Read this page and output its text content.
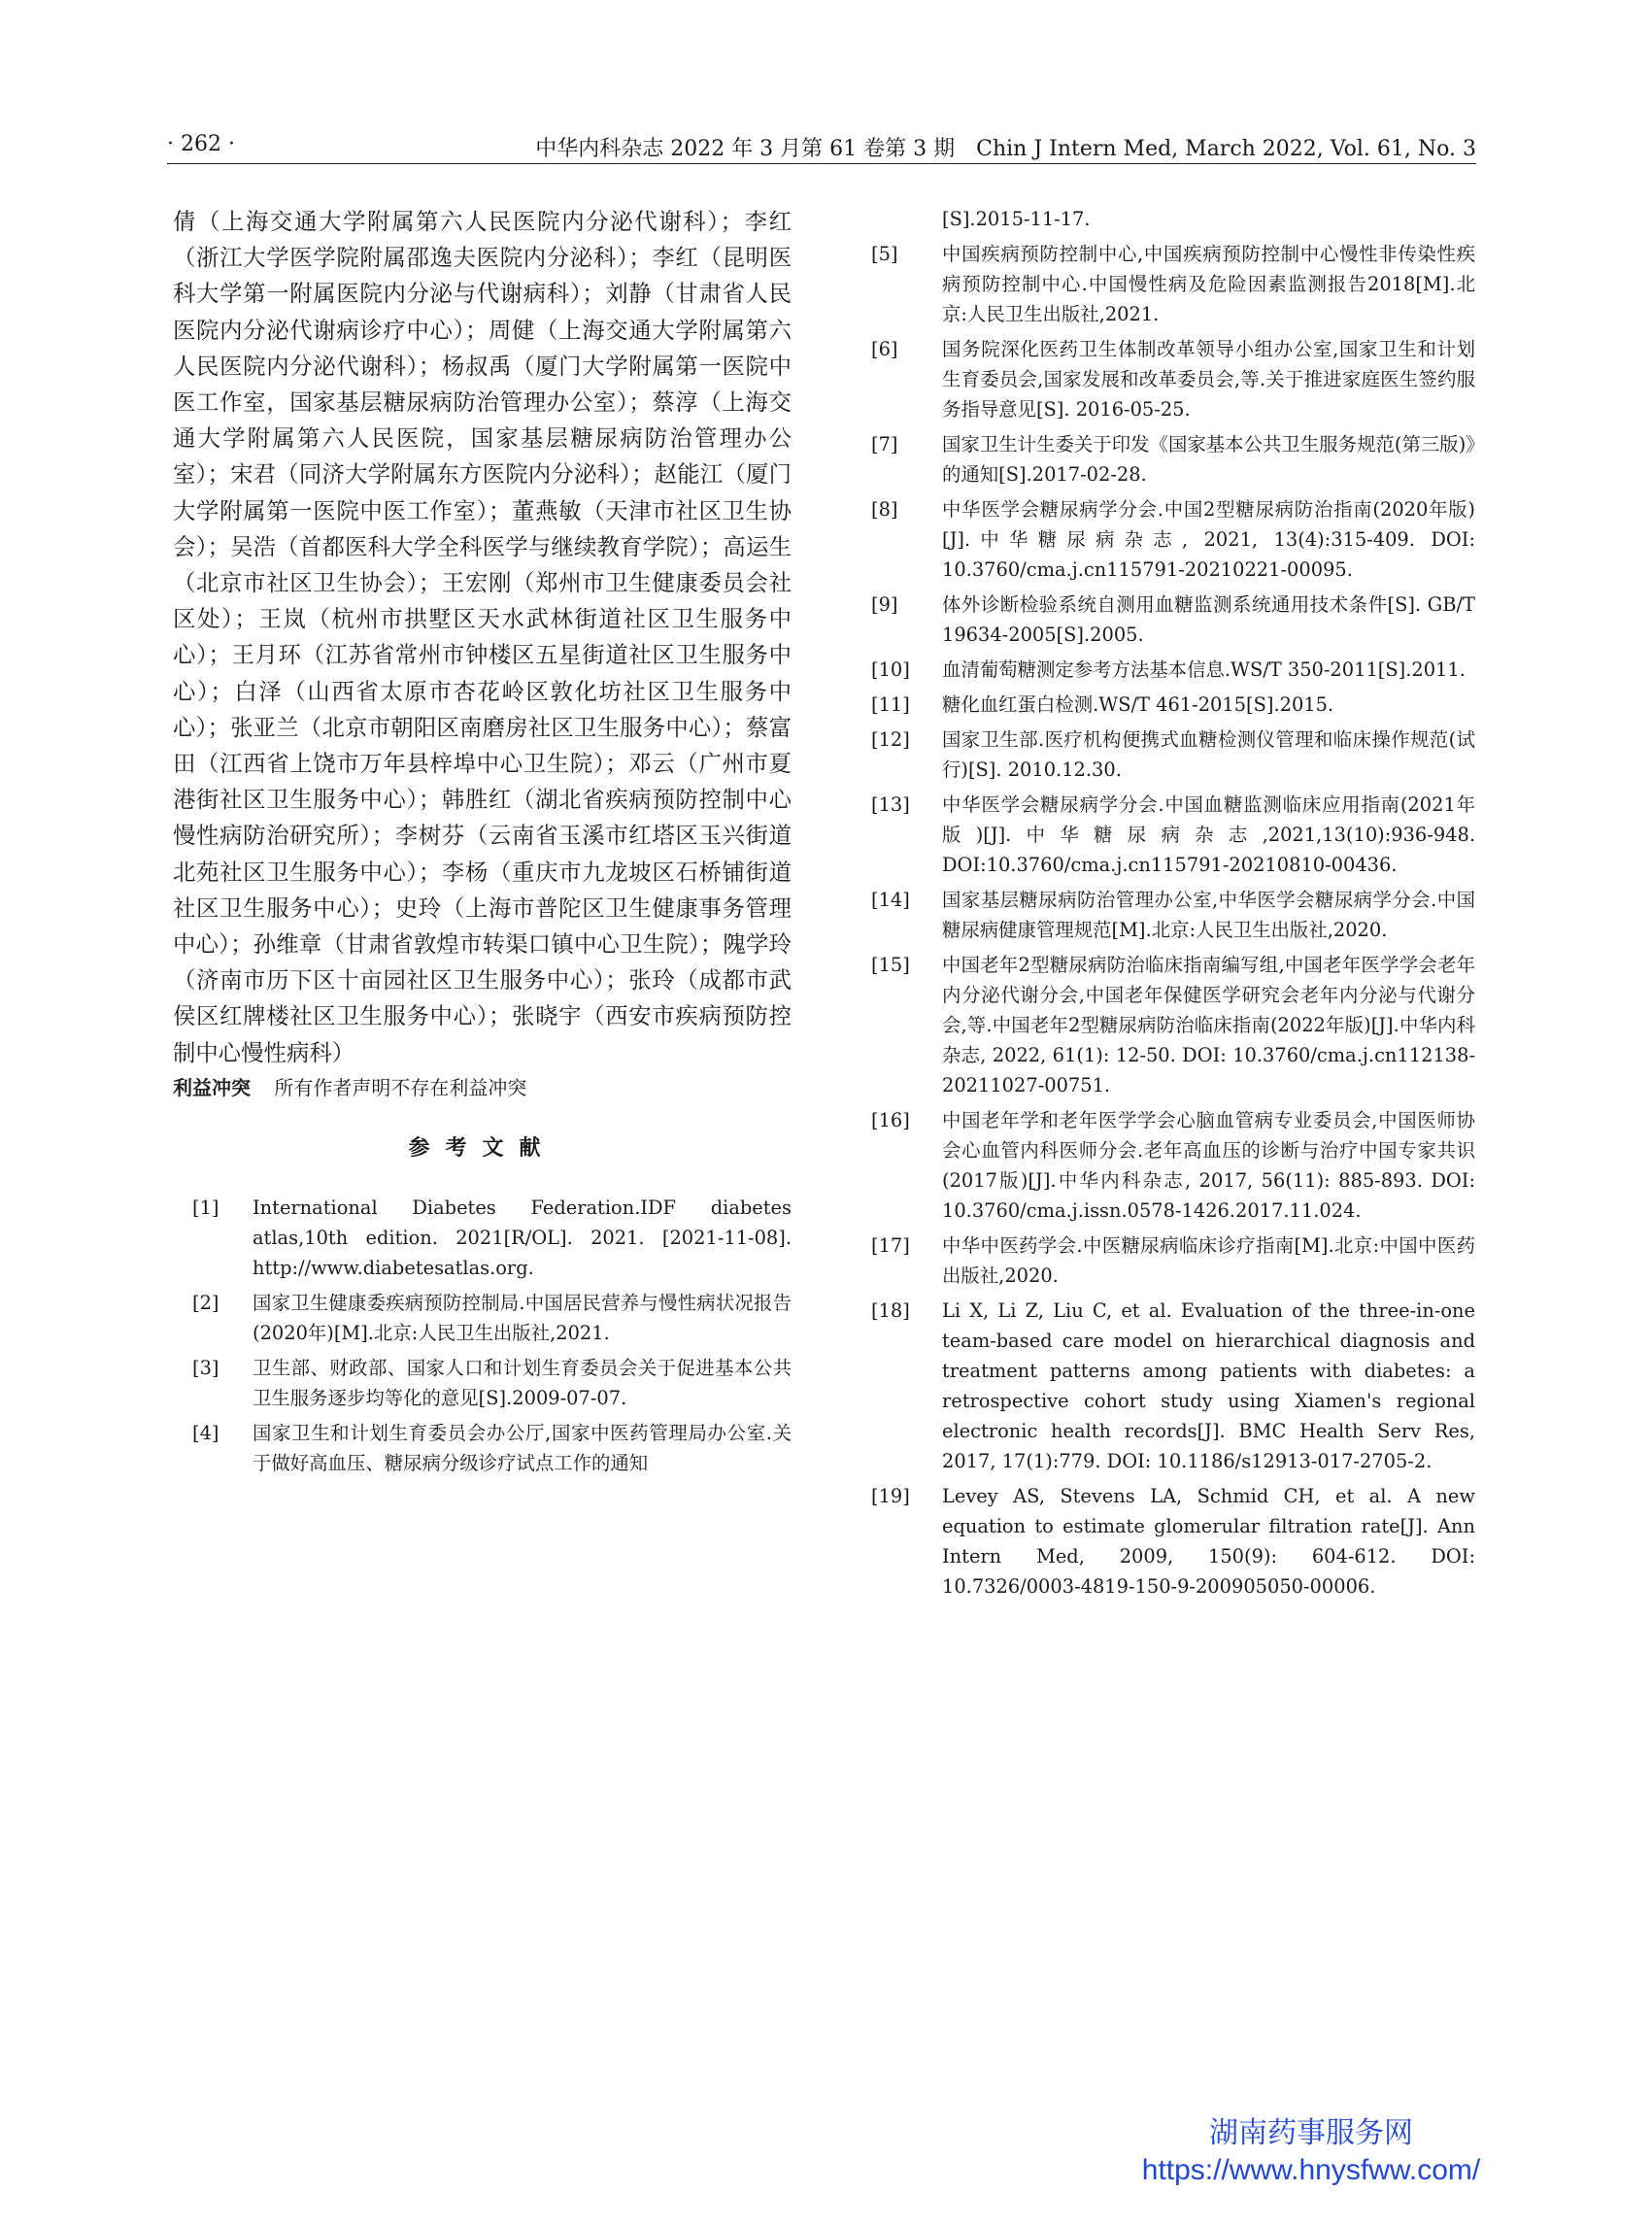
· 262 ·	中华内科杂志 2022 年 3 月第 61 卷第 3 期　Chin J Intern Med, March 2022, Vol. 61, No. 3

倩（上海交通大学附属第六人民医院内分泌代谢科）；李红（浙江大学医学院附属邵逸夫医院内分泌科）；李红（昆明医科大学第一附属医院内分泌与代谢病科）；刘静（甘肃省人民医院内分泌代谢病诊疗中心）；周健（上海交通大学附属第六人民医院内分泌代谢科）；杨叔禹（厦门大学附属第一医院中医工作室，国家基层糖尿病防治管理办公室）；蔡淳（上海交通大学附属第六人民医院，国家基层糖尿病防治管理办公室）；宋君（同济大学附属东方医院内分泌科）；赵能江（厦门大学附属第一医院中医工作室）；董燕敏（天津市社区卫生协会）；吴浩（首都医科大学全科医学与继续教育学院）；高运生（北京市社区卫生协会）；王宏刚（郑州市卫生健康委员会社区处）；王岚（杭州市拱墅区天水武林街道社区卫生服务中心）；王月环（江苏省常州市钟楼区五星街道社区卫生服务中心）；白泽（山西省太原市杏花岭区敦化坊社区卫生服务中心）；张亚兰（北京市朝阳区南磨房社区卫生服务中心）；蔡富田（江西省上饶市万年县梓埠中心卫生院）；邓云（广州市夏港街社区卫生服务中心）；韩胜红（湖北省疾病预防控制中心慢性病防治研究所）；李树芬（云南省玉溪市红塔区玉兴街道北苑社区卫生服务中心）；李杨（重庆市九龙坡区石桥铺街道社区卫生服务中心）；史玲（上海市普陀区卫生健康事务管理中心）；孙维章（甘肃省敦煌市转渠口镇中心卫生院）；隗学玲（济南市历下区十亩园社区卫生服务中心）；张玲（成都市武侯区红牌楼社区卫生服务中心）；张晓宇（西安市疾病预防控制中心慢性病科）

利益冲突 所有作者声明不存在利益冲突
参考文献
[1] International Diabetes Federation.IDF diabetes atlas,10th edition. 2021[R/OL]. 2021. [2021-11-08]. http://www.diabetesatlas.org.
[2] 国家卫生健康委疾病预防控制局.中国居民营养与慢性病状况报告(2020年)[M].北京:人民卫生出版社,2021.
[3] 卫生部、财政部、国家人口和计划生育委员会关于促进基本公共卫生服务逐步均等化的意见[S].2009-07-07.
[4] 国家卫生和计划生育委员会办公厅,国家中医药管理局办公室.关于做好高血压、糖尿病分级诊疗试点工作的通知
[S].2015-11-17.
[5] 中国疾病预防控制中心,中国疾病预防控制中心慢性非传染性疾病预防控制中心.中国慢性病及危险因素监测报告2018[M].北京:人民卫生出版社,2021.
[6] 国务院深化医药卫生体制改革领导小组办公室,国家卫生和计划生育委员会,国家发展和改革委员会,等.关于推进家庭医生签约服务指导意见[S]. 2016-05-25.
[7] 国家卫生计生委关于印发《国家基本公共卫生服务规范(第三版)》的通知[S].2017-02-28.
[8] 中华医学会糖尿病学分会.中国2型糖尿病防治指南(2020年版)[J].中华糖尿病杂志, 2021, 13(4):315-409. DOI: 10.3760/cma.j.cn115791-20210221-00095.
[9] 体外诊断检验系统自测用血糖监测系统通用技术条件[S]. GB/T 19634-2005[S].2005.
[10] 血清葡萄糖测定参考方法基本信息.WS/T 350-2011[S].2011.
[11] 糖化血红蛋白检测.WS/T 461-2015[S].2015.
[12] 国家卫生部.医疗机构便携式血糖检测仪管理和临床操作规范(试行)[S]. 2010.12.30.
[13] 中华医学会糖尿病学分会.中国血糖监测临床应用指南(2021年版)[J].中华糖尿病杂志,2021,13(10):936-948. DOI:10.3760/cma.j.cn115791-20210810-00436.
[14] 国家基层糖尿病防治管理办公室,中华医学会糖尿病学分会.中国糖尿病健康管理规范[M].北京:人民卫生出版社,2020.
[15] 中国老年2型糖尿病防治临床指南编写组,中国老年医学学会老年内分泌代谢分会,中国老年保健医学研究会老年内分泌与代谢分会,等.中国老年2型糖尿病防治临床指南(2022年版)[J].中华内科杂志, 2022, 61(1): 12-50. DOI: 10.3760/cma.j.cn112138-20211027-00751.
[16] 中国老年学和老年医学学会心脑血管病专业委员会,中国医师协会心血管内科医师分会.老年高血压的诊断与治疗中国专家共识(2017版)[J].中华内科杂志, 2017, 56(11): 885-893. DOI: 10.3760/cma.j.issn.0578-1426.2017.11.024.
[17] 中华中医药学会.中医糖尿病临床诊疗指南[M].北京:中国中医药出版社,2020.
[18] Li X, Li Z, Liu C, et al. Evaluation of the three-in-one team-based care model on hierarchical diagnosis and treatment patterns among patients with diabetes: a retrospective cohort study using Xiamen's regional electronic health records[J]. BMC Health Serv Res, 2017, 17(1):779. DOI: 10.1186/s12913-017-2705-2.
[19] Levey AS, Stevens LA, Schmid CH, et al. A new equation to estimate glomerular filtration rate[J]. Ann Intern Med, 2009, 150(9): 604-612. DOI: 10.7326/0003-4819-150-9-200905050-00006.
湖南药事服务网
https://www.hnysfww.com/
